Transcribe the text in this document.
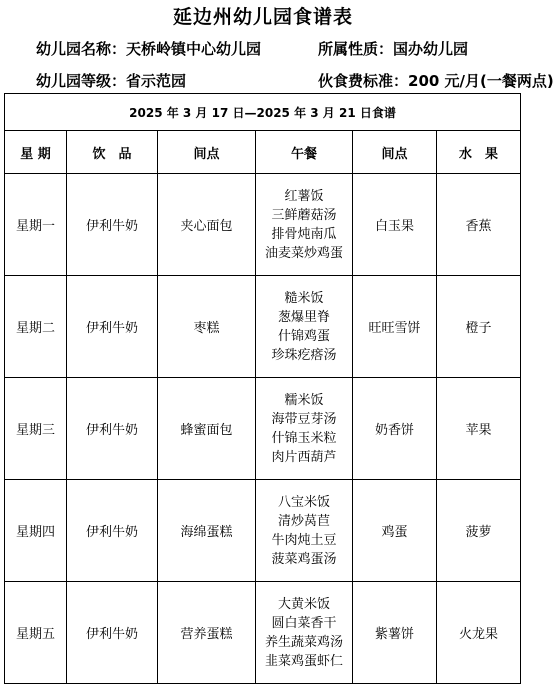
延边州幼儿园食谱表
幼儿园名称：天桥岭镇中心幼儿园	所属性质：国办幼儿园
幼儿园等级：省示范园	伙食费标准：200 元/月(一餐两点)
2025 年 3 月 17 日—2025 年 3 月 21 日食谱					
星 期	饮　品	间点	午餐	间点	水　果
星期一	伊利牛奶	夹心面包	红薯饭
三鲜蘑菇汤
排骨炖南瓜
油麦菜炒鸡蛋	白玉果	香蕉
星期二	伊利牛奶	枣糕	糙米饭
葱爆里脊
什锦鸡蛋
珍珠疙瘩汤	旺旺雪饼	橙子
星期三	伊利牛奶	蜂蜜面包	糯米饭
海带豆芽汤
什锦玉米粒
肉片西葫芦	奶香饼	苹果
星期四	伊利牛奶	海绵蛋糕	八宝米饭
清炒莴苣
牛肉炖土豆
菠菜鸡蛋汤	鸡蛋	菠萝
星期五	伊利牛奶	营养蛋糕	大黄米饭
圆白菜香干
养生蔬菜鸡汤
韭菜鸡蛋虾仁	紫薯饼	火龙果
